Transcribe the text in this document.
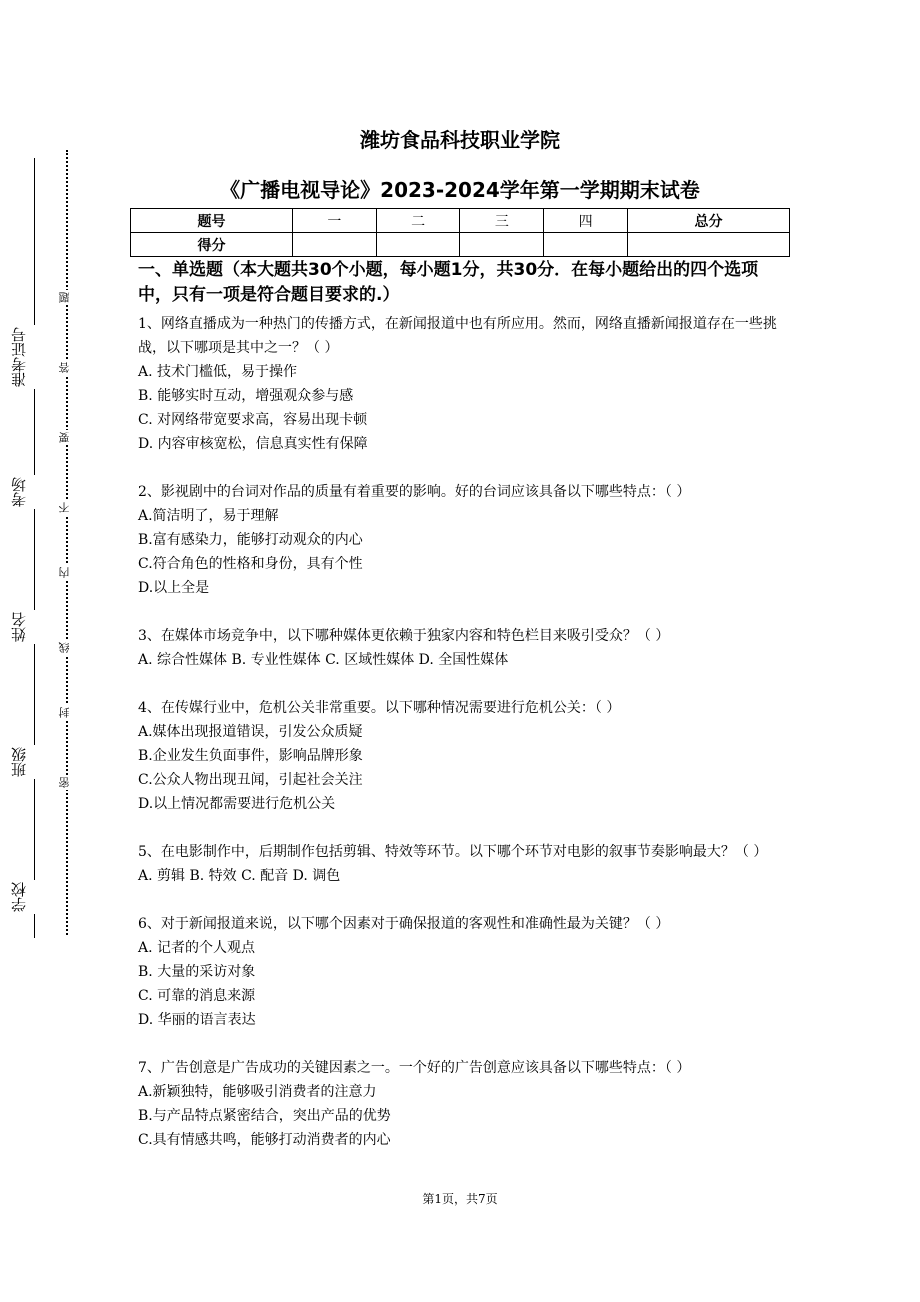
学校
班级
姓名
考场
准考证号
密
封
线
内
不
要
答
题
潍坊食品科技职业学院
《广播电视导论》2023-2024学年第一学期期末试卷
题号	一	二	三	四	总分
得分					
一、单选题（本大题共30个小题，每小题1分，共30分．在每小题给出的四个选项中，只有一项是符合题目要求的.）

1、网络直播成为一种热门的传播方式，在新闻报道中也有所应用。然而，网络直播新闻报道存在一些挑战，以下哪项是其中之一？（ ）

A. 技术门槛低，易于操作

B. 能够实时互动，增强观众参与感

C. 对网络带宽要求高，容易出现卡顿

D. 内容审核宽松，信息真实性有保障

2、影视剧中的台词对作品的质量有着重要的影响。好的台词应该具备以下哪些特点：（ ）

A.简洁明了，易于理解

B.富有感染力，能够打动观众的内心

C.符合角色的性格和身份，具有个性

D.以上全是

3、在媒体市场竞争中，以下哪种媒体更依赖于独家内容和特色栏目来吸引受众？（ ）

A. 综合性媒体 B. 专业性媒体 C. 区域性媒体 D. 全国性媒体

4、在传媒行业中，危机公关非常重要。以下哪种情况需要进行危机公关：（ ）

A.媒体出现报道错误，引发公众质疑

B.企业发生负面事件，影响品牌形象

C.公众人物出现丑闻，引起社会关注

D.以上情况都需要进行危机公关

5、在电影制作中，后期制作包括剪辑、特效等环节。以下哪个环节对电影的叙事节奏影响最大？（ ）

A. 剪辑 B. 特效 C. 配音 D. 调色

6、对于新闻报道来说，以下哪个因素对于确保报道的客观性和准确性最为关键？（ ）

A. 记者的个人观点

B. 大量的采访对象

C. 可靠的消息来源

D. 华丽的语言表达

7、广告创意是广告成功的关键因素之一。一个好的广告创意应该具备以下哪些特点：（ ）

A.新颖独特，能够吸引消费者的注意力

B.与产品特点紧密结合，突出产品的优势

C.具有情感共鸣，能够打动消费者的内心

第1页，共7页
